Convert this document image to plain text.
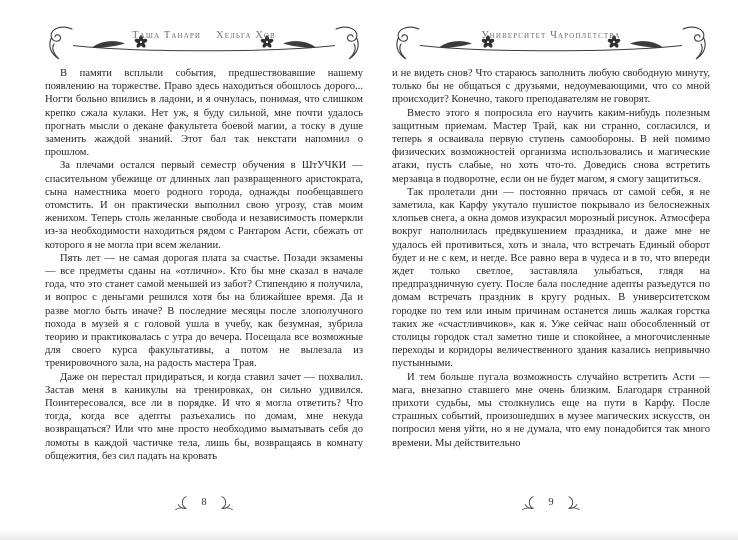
Таша Танари Хельга Хов

В памяти всплыли события, предшествовавшие нашему появлению на торжестве. Право здесь находиться обошлось дорого... Ногти больно впились в ладони, и я очнулась, понимая, что слишком крепко сжала кулаки. Нет уж, я буду сильной, мне почти удалось прогнать мысли о декане факультета боевой магии, а тоску в душе заменить жаждой знаний. Этот бал так некстати напомнил о прошлом.

За плечами остался первый семестр обучения в ШтУЧКИ — спасительном убежище от длинных лап развращенного аристократа, сына наместника моего родного города, однажды пообещавшего отомстить. И он практически выполнил свою угрозу, став моим женихом. Теперь столь желанные свобода и независимость померкли из-за необходимости находиться рядом с Рантаром Асти, сбежать от которого я не могла при всем желании.

Пять лет — не самая дорогая плата за счастье. Позади экзамены — все предметы сданы на «отлично». Кто бы мне сказал в начале года, что это станет самой меньшей из забот? Стипендию я получила, и вопрос с деньгами решился хотя бы на ближайшее время. Да и разве могло быть иначе? В последние месяцы после злополучного похода в музей я с головой ушла в учебу, как безумная, зубрила теорию и практиковалась с утра до вечера. Посещала все возможные для своего курса факультативы, а потом не вылезала из тренировочного зала, на радость мастера Трая.

Даже он перестал придираться, и когда ставил зачет — похвалил. Застав меня в каникулы на тренировках, он сильно удивился. Поинтересовался, все ли в порядке. И что я могла ответить? Что тогда, когда все адепты разъехались по домам, мне некуда возвращаться? Или что мне просто необходимо выматывать себя до ломоты в каждой частичке тела, лишь бы, возвращаясь в комнату общежития, без сил падать на кровать

8
Университет Чароплетства

и не видеть снов? Что стараюсь заполнить любую свободную минуту, только бы не общаться с друзьями, недоумевающими, что со мной происходит? Конечно, такого преподавателям не говорят.

Вместо этого я попросила его научить каким-нибудь полезным защитным приемам. Мастер Трай, как ни странно, согласился, и теперь я осваивала первую ступень самообороны. В ней помимо физических возможностей организма использовались и магические атаки, пусть слабые, но хоть что-то. Доведись снова встретить мерзавца в подворотне, если он не будет магом, я смогу защититься.

Так пролетали дни — постоянно прячась от самой себя, я не заметила, как Карфу укутало пушистое покрывало из белоснежных хлопьев снега, а окна домов изукрасил морозный рисунок. Атмосфера вокруг наполнилась предвкушением праздника, и даже мне не удалось ей противиться, хоть и знала, что встречать Единый оборот будет и не с кем, и негде. Все равно вера в чудеса и в то, что впереди ждет только светлое, заставляла улыбаться, глядя на предпраздничную суету. После бала последние адепты разъедутся по домам встречать праздник в кругу родных. В университетском городке по тем или иным причинам останется лишь жалкая горстка таких же «счастливчиков», как я. Уже сейчас наш обособленный от столицы городок стал заметно тише и спокойнее, а многочисленные переходы и коридоры величественного здания казались непривычно пустынными.

И тем больше пугала возможность случайно встретить Асти — мага, внезапно ставшего мне очень близким. Благодаря странной прихоти судьбы, мы столкнулись еще на пути в Карфу. После страшных событий, произошедших в музее магических искусств, он попросил меня уйти, но я не думала, что ему понадобится так много времени. Мы действительно

9
